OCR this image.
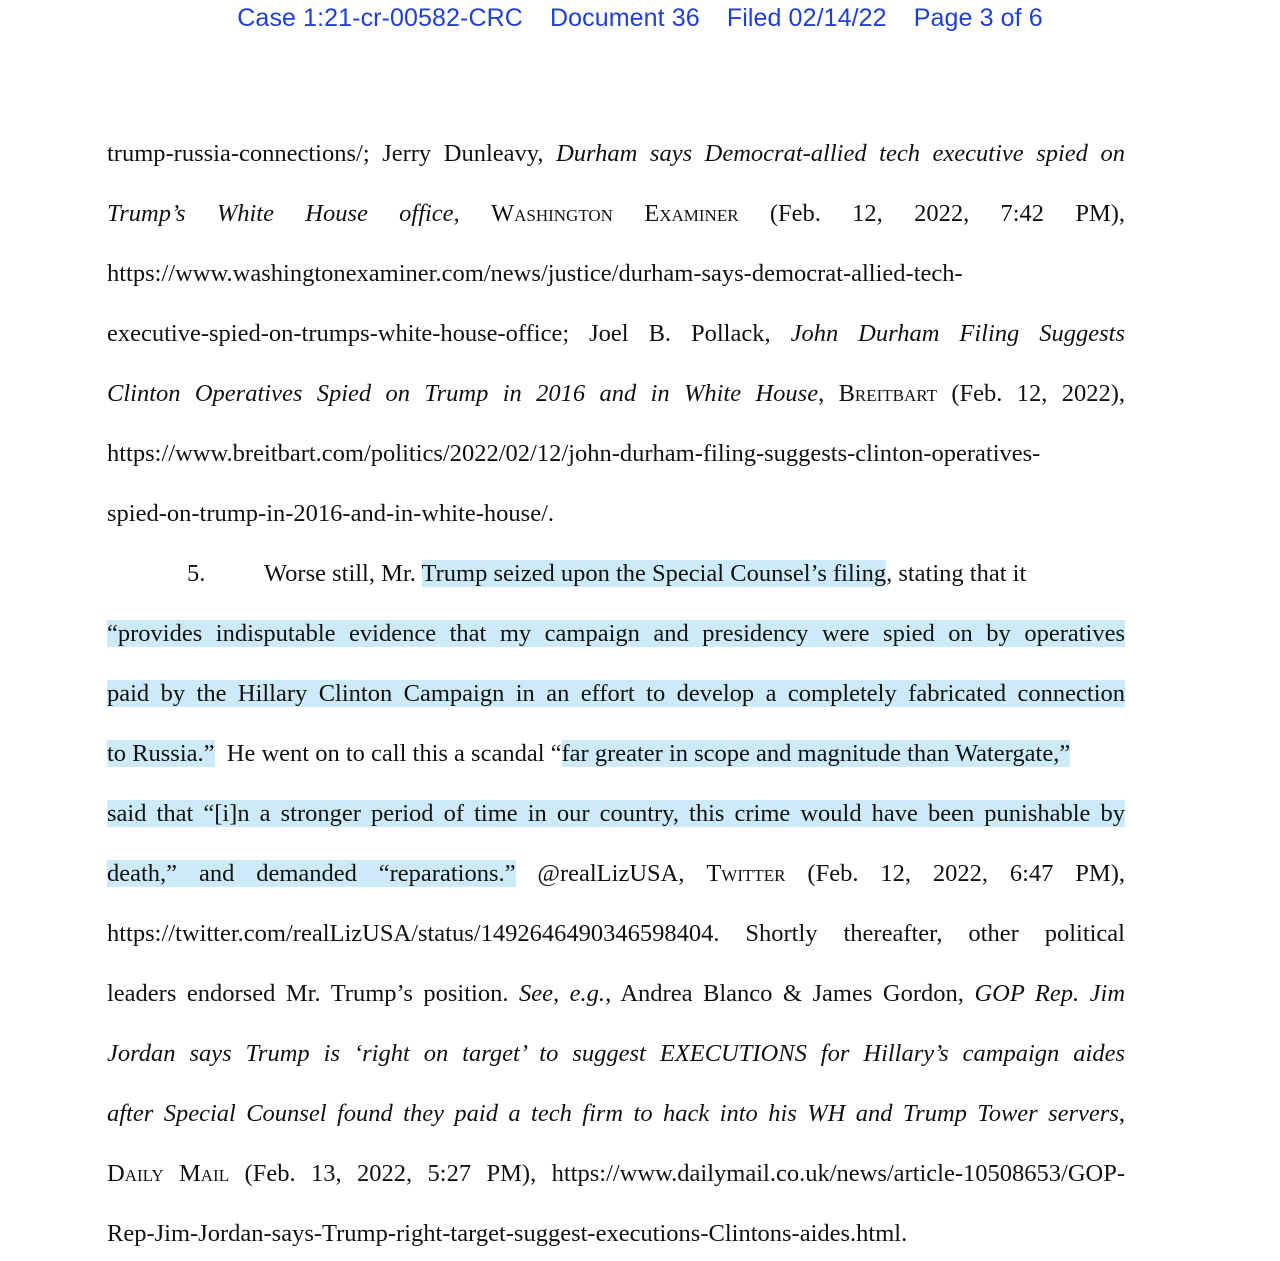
Case 1:21-cr-00582-CRC Document 36 Filed 02/14/22 Page 3 of 6
trump-russia-connections/; Jerry Dunleavy, Durham says Democrat-allied tech executive spied on
Trump’s White House office, Washington Examiner (Feb. 12, 2022, 7:42 PM),
https://www.washingtonexaminer.com/news/justice/durham-says-democrat-allied-tech-
executive-spied-on-trumps-white-house-office; Joel B. Pollack, John Durham Filing Suggests
Clinton Operatives Spied on Trump in 2016 and in White House, Breitbart (Feb. 12, 2022),
https://www.breitbart.com/politics/2022/02/12/john-durham-filing-suggests-clinton-operatives-
spied-on-trump-in-2016-and-in-white-house/.
5. Worse still, Mr. Trump seized upon the Special Counsel’s filing, stating that it
“provides indisputable evidence that my campaign and presidency were spied on by operatives
paid by the Hillary Clinton Campaign in an effort to develop a completely fabricated connection
to Russia.” He went on to call this a scandal “far greater in scope and magnitude than Watergate,”
said that “[i]n a stronger period of time in our country, this crime would have been punishable by
death,” and demanded “reparations.” @realLizUSA, Twitter (Feb. 12, 2022, 6:47 PM),
https://twitter.com/realLizUSA/status/1492646490346598404. Shortly thereafter, other political
leaders endorsed Mr. Trump’s position. See, e.g., Andrea Blanco & James Gordon, GOP Rep. Jim
Jordan says Trump is ‘right on target’ to suggest EXECUTIONS for Hillary’s campaign aides
after Special Counsel found they paid a tech firm to hack into his WH and Trump Tower servers,
Daily Mail (Feb. 13, 2022, 5:27 PM), https://www.dailymail.co.uk/news/article-10508653/GOP-
Rep-Jim-Jordan-says-Trump-right-target-suggest-executions-Clintons-aides.html.
